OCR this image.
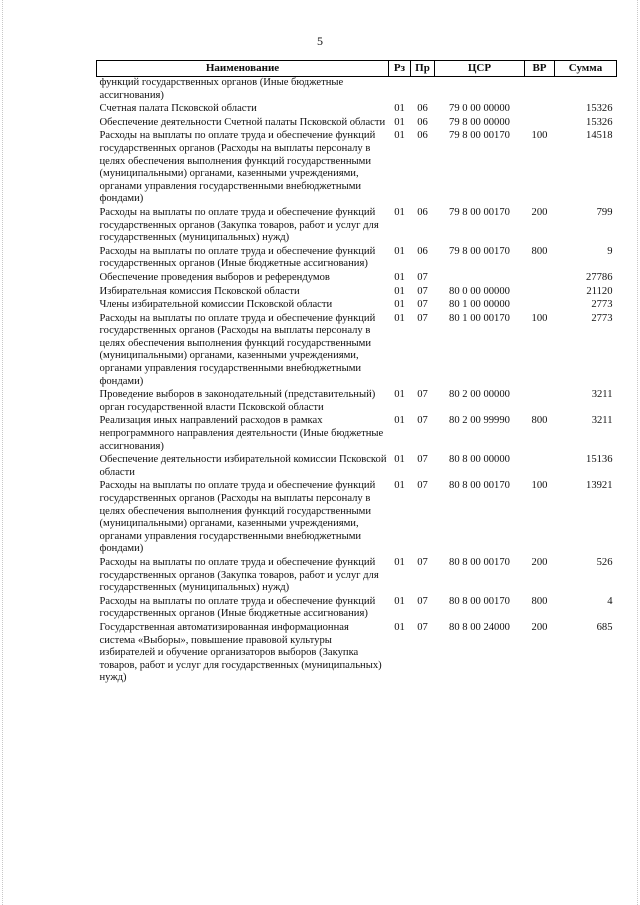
5
Наименование	Рз	Пр	ЦСР	ВР	Сумма
функций государственных органов (Иные бюджетные ассигнования)					
Счетная палата Псковской области	01	06	79 0 00 00000		15326
Обеспечение деятельности Счетной палаты Псковской области	01	06	79 8 00 00000		15326
Расходы на выплаты по оплате труда и обеспечение функций государственных органов (Расходы на выплаты персоналу в целях обеспечения выполнения функций государственными (муниципальными) органами, казенными учреждениями, органами управления государственными внебюджетными фондами)	01	06	79 8 00 00170	100	14518
Расходы на выплаты по оплате труда и обеспечение функций государственных органов (Закупка товаров, работ и услуг для государственных (муниципальных) нужд)	01	06	79 8 00 00170	200	799
Расходы на выплаты по оплате труда и обеспечение функций государственных органов (Иные бюджетные ассигнования)	01	06	79 8 00 00170	800	9
Обеспечение проведения выборов и референдумов	01	07			27786
Избирательная комиссия Псковской области	01	07	80 0 00 00000		21120
Члены избирательной комиссии Псковской области	01	07	80 1 00 00000		2773
Расходы на выплаты по оплате труда и обеспечение функций государственных органов (Расходы на выплаты персоналу в целях обеспечения выполнения функций государственными (муниципальными) органами, казенными учреждениями, органами управления государственными внебюджетными фондами)	01	07	80 1 00 00170	100	2773
Проведение выборов в законодательный (представительный) орган государственной власти Псковской области	01	07	80 2 00 00000		3211
Реализация иных направлений расходов в рамках непрограммного направления деятельности (Иные бюджетные ассигнования)	01	07	80 2 00 99990	800	3211
Обеспечение деятельности избирательной комиссии Псковской области	01	07	80 8 00 00000		15136
Расходы на выплаты по оплате труда и обеспечение функций государственных органов (Расходы на выплаты персоналу в целях обеспечения выполнения функций государственными (муниципальными) органами, казенными учреждениями, органами управления государственными внебюджетными фондами)	01	07	80 8 00 00170	100	13921
Расходы на выплаты по оплате труда и обеспечение функций государственных органов (Закупка товаров, работ и услуг для государственных (муниципальных) нужд)	01	07	80 8 00 00170	200	526
Расходы на выплаты по оплате труда и обеспечение функций государственных органов (Иные бюджетные ассигнования)	01	07	80 8 00 00170	800	4
Государственная автоматизированная информационная система «Выборы», повышение правовой культуры избирателей и обучение организаторов выборов (Закупка товаров, работ и услуг для государственных (муниципальных) нужд)	01	07	80 8 00 24000	200	685
